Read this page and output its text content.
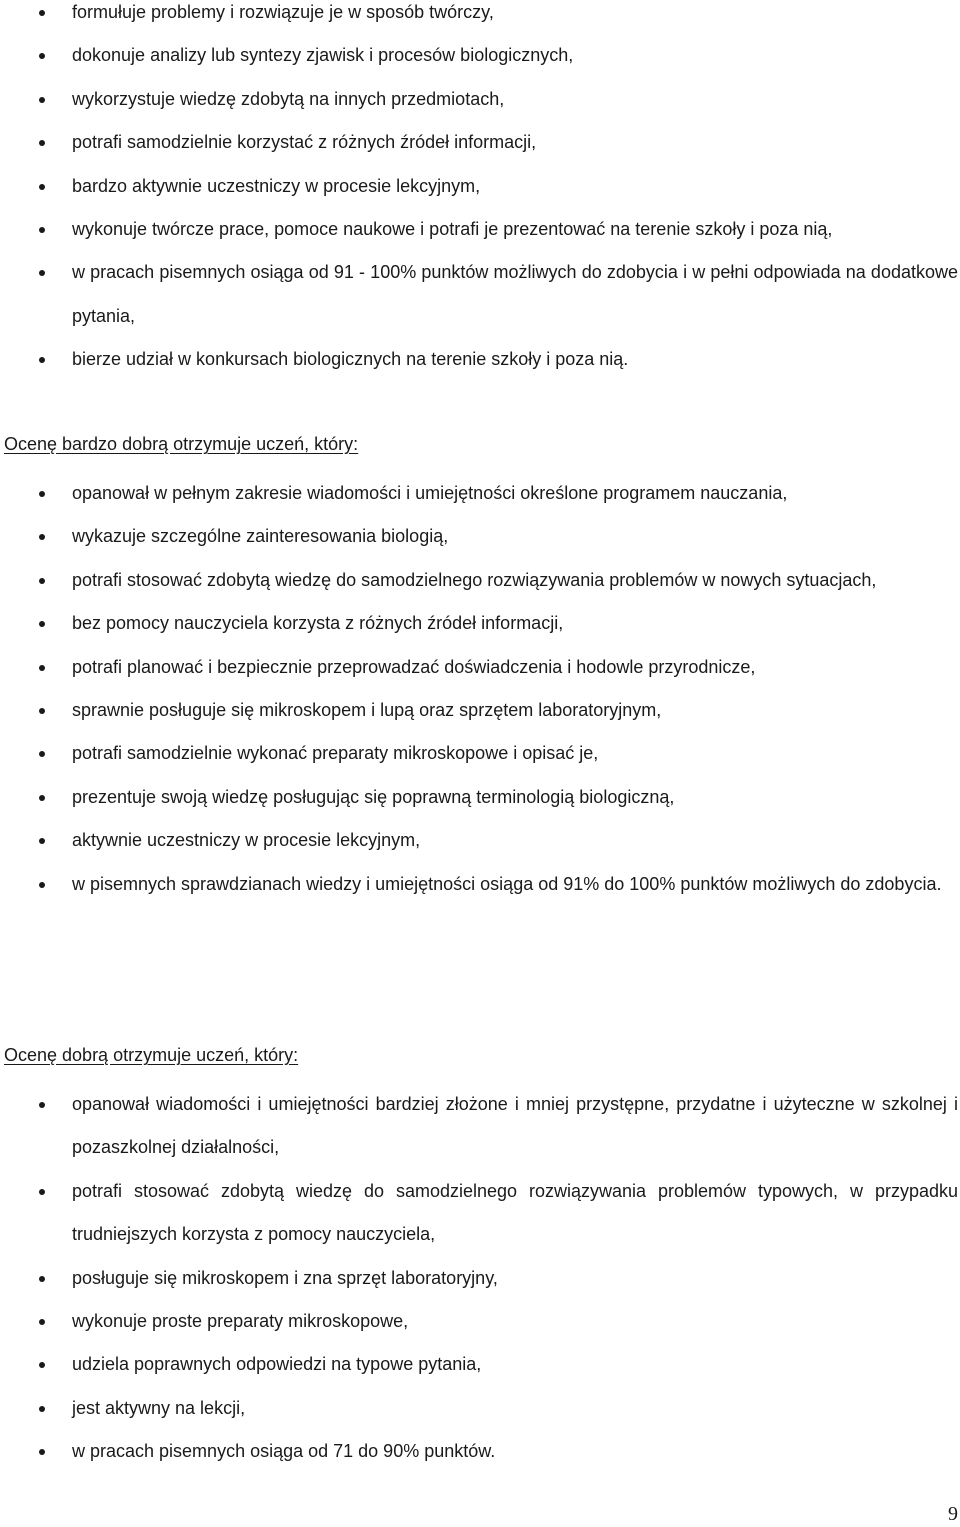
formułuje problemy i rozwiązuje je w sposób twórczy,
dokonuje analizy lub syntezy zjawisk i procesów biologicznych,
wykorzystuje wiedzę zdobytą na innych przedmiotach,
potrafi samodzielnie korzystać z różnych źródeł informacji,
bardzo aktywnie uczestniczy w procesie lekcyjnym,
wykonuje twórcze prace, pomoce naukowe i potrafi je prezentować na terenie szkoły i poza nią,
w pracach pisemnych osiąga od 91 - 100% punktów możliwych do zdobycia i w pełni odpowiada na dodatkowe pytania,
bierze udział w konkursach biologicznych na terenie szkoły i poza nią.
Ocenę bardzo dobrą otrzymuje uczeń, który:
opanował w pełnym zakresie wiadomości i umiejętności określone programem nauczania,
wykazuje szczególne zainteresowania biologią,
potrafi stosować zdobytą wiedzę do samodzielnego rozwiązywania problemów w nowych sytuacjach,
bez pomocy nauczyciela korzysta z różnych źródeł informacji,
potrafi planować i bezpiecznie przeprowadzać doświadczenia i hodowle przyrodnicze,
sprawnie posługuje się mikroskopem i lupą oraz sprzętem laboratoryjnym,
potrafi samodzielnie wykonać preparaty mikroskopowe i opisać je,
prezentuje swoją wiedzę posługując się poprawną terminologią biologiczną,
aktywnie uczestniczy w procesie lekcyjnym,
w pisemnych sprawdzianach wiedzy i umiejętności osiąga od 91% do 100% punktów możliwych do zdobycia.
Ocenę dobrą otrzymuje uczeń, który:
opanował wiadomości i umiejętności bardziej złożone i mniej przystępne, przydatne i użyteczne w szkolnej i pozaszkolnej działalności,
potrafi stosować zdobytą wiedzę do samodzielnego rozwiązywania problemów typowych, w przypadku trudniejszych korzysta z pomocy nauczyciela,
posługuje się mikroskopem i zna sprzęt laboratoryjny,
wykonuje proste preparaty mikroskopowe,
udziela poprawnych odpowiedzi na typowe pytania,
jest aktywny na lekcji,
w pracach pisemnych osiąga od 71 do 90% punktów.
9
